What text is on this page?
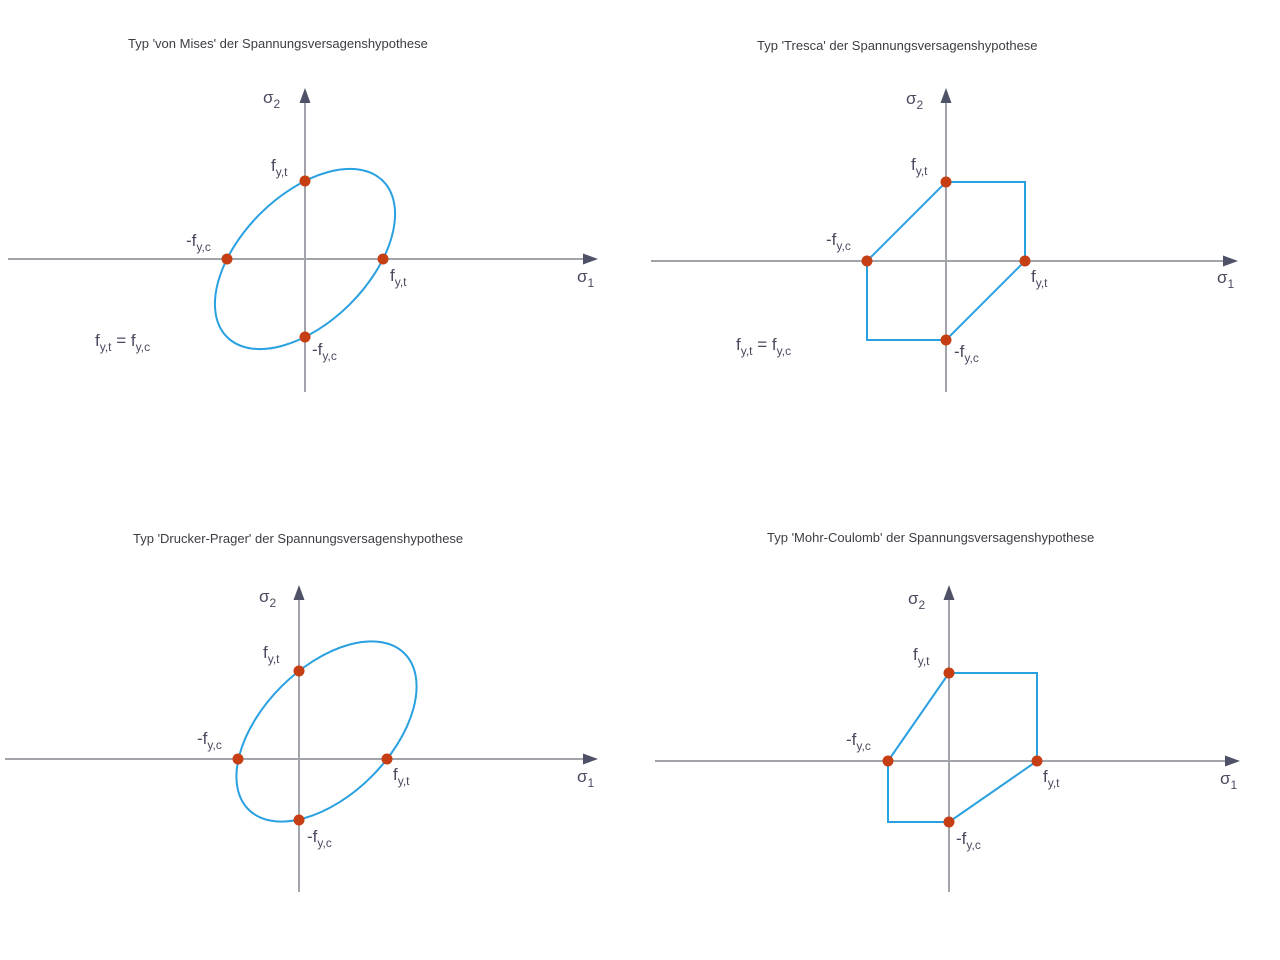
Typ 'von Mises' der Spannungsversagenshypothese
$\sigma_2$
$\sigma_1$
$f_{y,t}$
$-f_{y,c}$
$f_{y,t}$
$-f_{y,c}$
$f_{y,t} = f_{y,c}$
Typ 'Tresca' der Spannungsversagenshypothese
$\sigma_2$
$\sigma_1$
$f_{y,t}$
$-f_{y,c}$
$f_{y,t}$
$-f_{y,c}$
$f_{y,t} = f_{y,c}$
Typ 'Drucker-Prager' der Spannungsversagenshypothese
$\sigma_2$
$\sigma_1$
$f_{y,t}$
$-f_{y,c}$
$f_{y,t}$
$-f_{y,c}$
Typ 'Mohr-Coulomb' der Spannungsversagenshypothese
$\sigma_2$
$\sigma_1$
$f_{y,t}$
$-f_{y,c}$
$f_{y,t}$
$-f_{y,c}$
